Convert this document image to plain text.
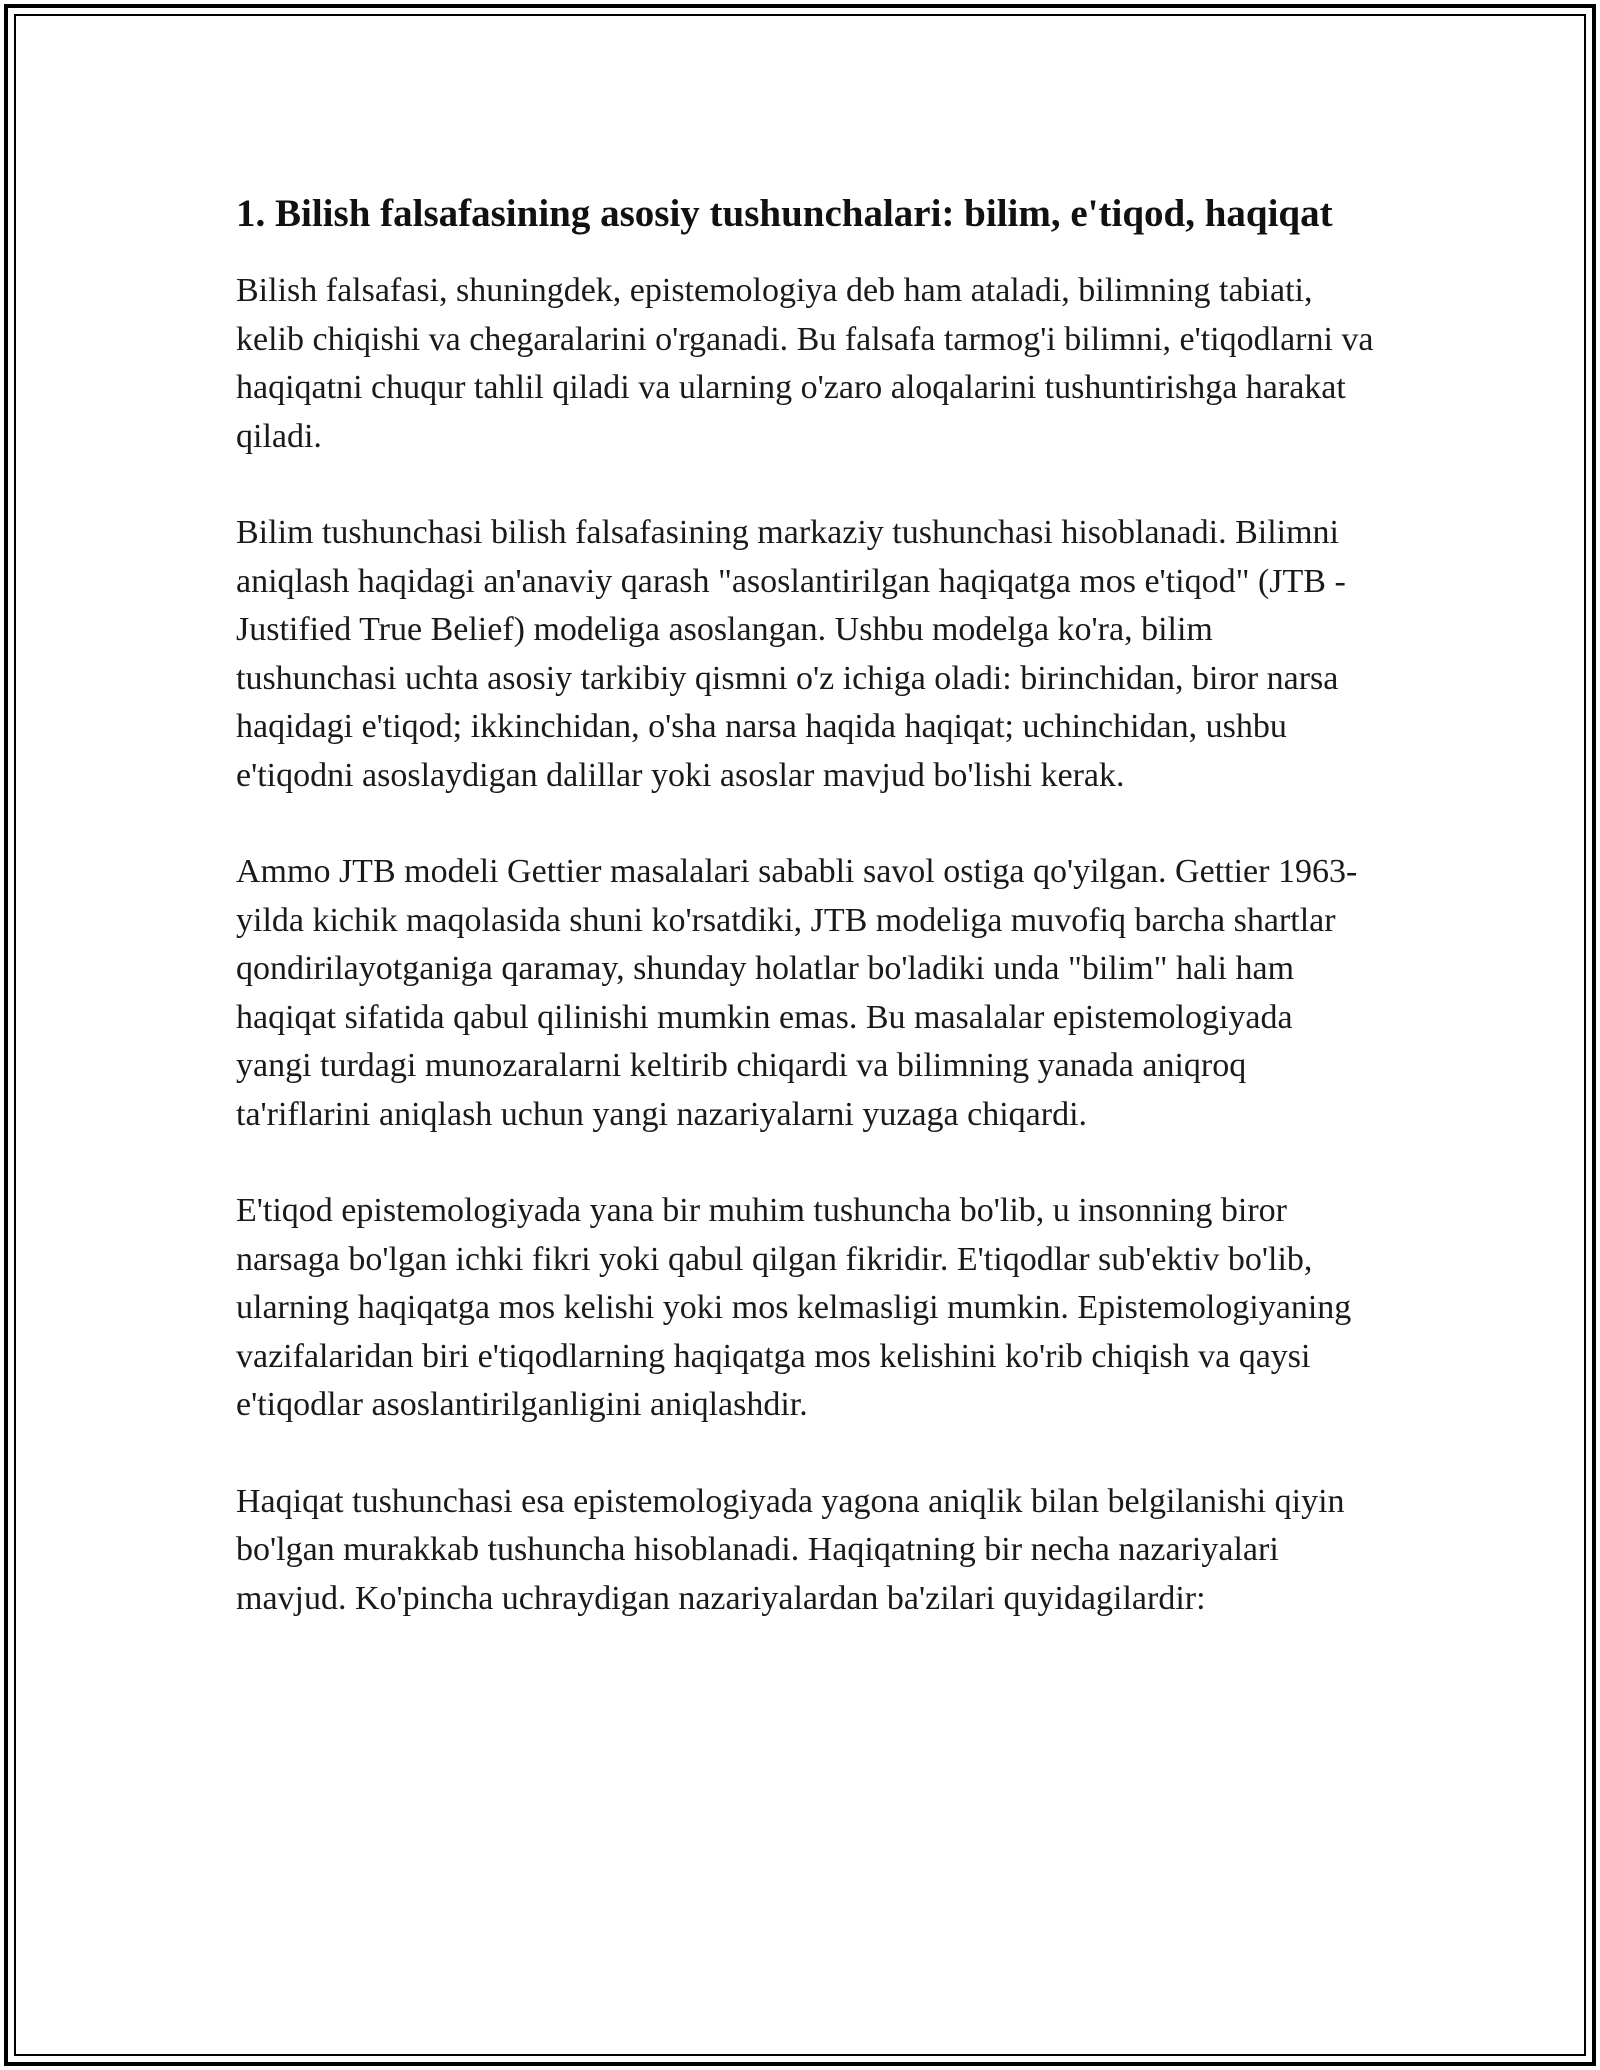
1. Bilish falsafasining asosiy tushunchalari: bilim, e'tiqod, haqiqat

Bilish falsafasi, shuningdek, epistemologiya deb ham ataladi, bilimning tabiati, kelib chiqishi va chegaralarini o'rganadi. Bu falsafa tarmog'i bilimni, e'tiqodlarni va haqiqatni chuqur tahlil qiladi va ularning o'zaro aloqalarini tushuntirishga harakat qiladi.

Bilim tushunchasi bilish falsafasining markaziy tushunchasi hisoblanadi. Bilimni aniqlash haqidagi an'anaviy qarash "asoslantirilgan haqiqatga mos e'tiqod" (JTB - Justified True Belief) modeliga asoslangan. Ushbu modelga ko'ra, bilim tushunchasi uchta asosiy tarkibiy qismni o'z ichiga oladi: birinchidan, biror narsa haqidagi e'tiqod; ikkinchidan, o'sha narsa haqida haqiqat; uchinchidan, ushbu e'tiqodni asoslaydigan dalillar yoki asoslar mavjud bo'lishi kerak.

Ammo JTB modeli Gettier masalalari sababli savol ostiga qo'yilgan. Gettier 1963-yilda kichik maqolasida shuni ko'rsatdiki, JTB modeliga muvofiq barcha shartlar qondirilayotganiga qaramay, shunday holatlar bo'ladiki unda "bilim" hali ham haqiqat sifatida qabul qilinishi mumkin emas. Bu masalalar epistemologiyada yangi turdagi munozaralarni keltirib chiqardi va bilimning yanada aniqroq ta'riflarini aniqlash uchun yangi nazariyalarni yuzaga chiqardi.

E'tiqod epistemologiyada yana bir muhim tushuncha bo'lib, u insonning biror narsaga bo'lgan ichki fikri yoki qabul qilgan fikridir. E'tiqodlar sub'ektiv bo'lib, ularning haqiqatga mos kelishi yoki mos kelmasligi mumkin. Epistemologiyaning vazifalaridan biri e'tiqodlarning haqiqatga mos kelishini ko'rib chiqish va qaysi e'tiqodlar asoslantirilganligini aniqlashdir.

Haqiqat tushunchasi esa epistemologiyada yagona aniqlik bilan belgilanishi qiyin bo'lgan murakkab tushuncha hisoblanadi. Haqiqatning bir necha nazariyalari mavjud. Ko'pincha uchraydigan nazariyalardan ba'zilari quyidagilardir:
